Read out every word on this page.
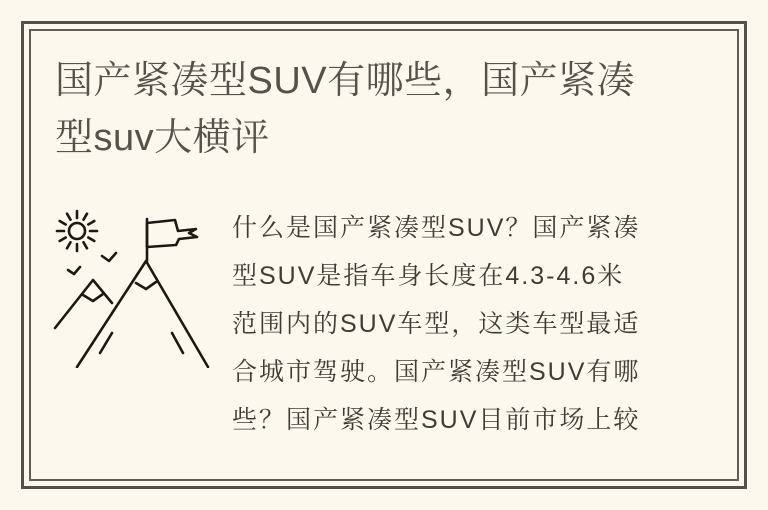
国产紧凑型SUV有哪些，国产紧凑
型suv大横评
什么是国产紧凑型SUV？国产紧凑
型SUV是指车身长度在4.3-4.6米
范围内的SUV车型，这类车型最适
合城市驾驶。国产紧凑型SUV有哪
些？国产紧凑型SUV目前市场上较
